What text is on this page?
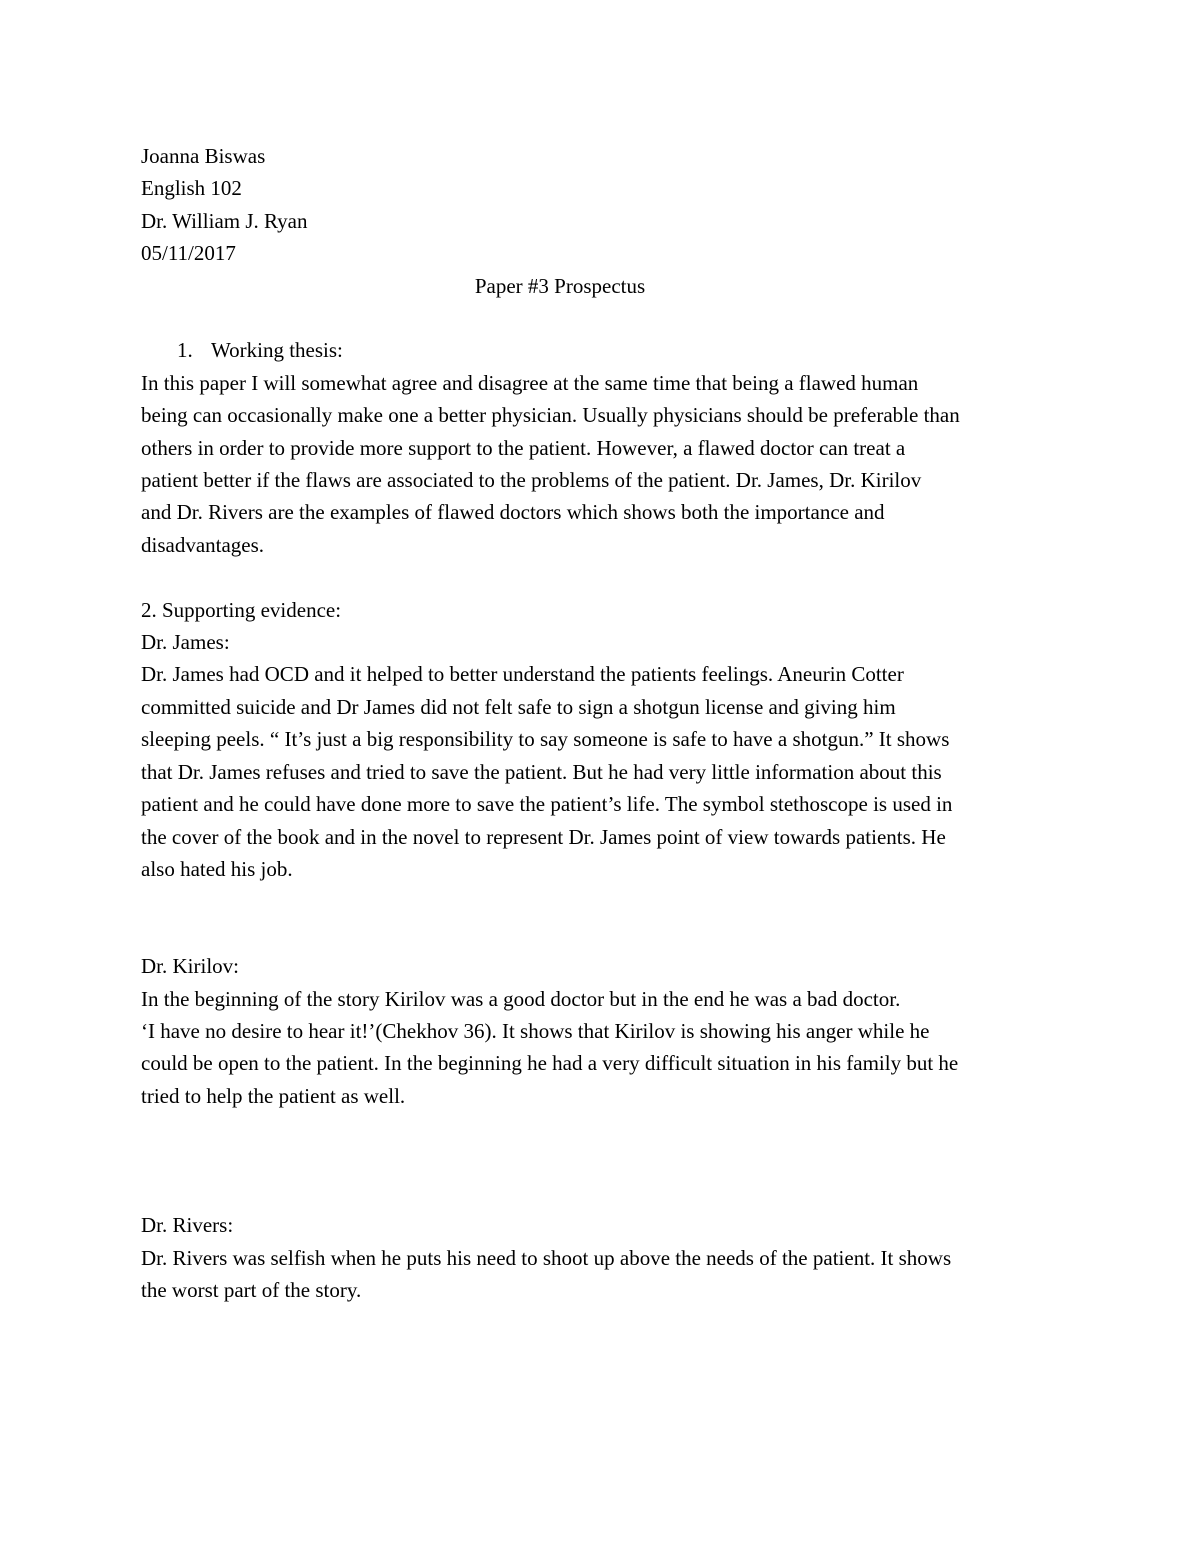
Joanna Biswas
English 102
Dr. William J. Ryan
05/11/2017
Paper #3 Prospectus
1. Working thesis:
In this paper I will somewhat agree and disagree at the same time that being a flawed human
being can occasionally make one a better physician. Usually physicians should be preferable than
others in order to provide more support to the patient. However, a flawed doctor can treat a
patient better if the flaws are associated to the problems of the patient. Dr. James, Dr. Kirilov
and Dr. Rivers are the examples of flawed doctors which shows both the importance and
disadvantages.
2. Supporting evidence:
Dr. James:
Dr. James had OCD and it helped to better understand the patients feelings. Aneurin Cotter
committed suicide and Dr James did not felt safe to sign a shotgun license and giving him
sleeping peels. “ It’s just a big responsibility to say someone is safe to have a shotgun.” It shows
that Dr. James refuses and tried to save the patient. But he had very little information about this
patient and he could have done more to save the patient’s life. The symbol stethoscope is used in
the cover of the book and in the novel to represent Dr. James point of view towards patients. He
also hated his job.
Dr. Kirilov:
In the beginning of the story Kirilov was a good doctor but in the end he was a bad doctor.
‘I have no desire to hear it!’(Chekhov 36). It shows that Kirilov is showing his anger while he
could be open to the patient. In the beginning he had a very difficult situation in his family but he
tried to help the patient as well.
Dr. Rivers:
Dr. Rivers was selfish when he puts his need to shoot up above the needs of the patient. It shows
the worst part of the story.
